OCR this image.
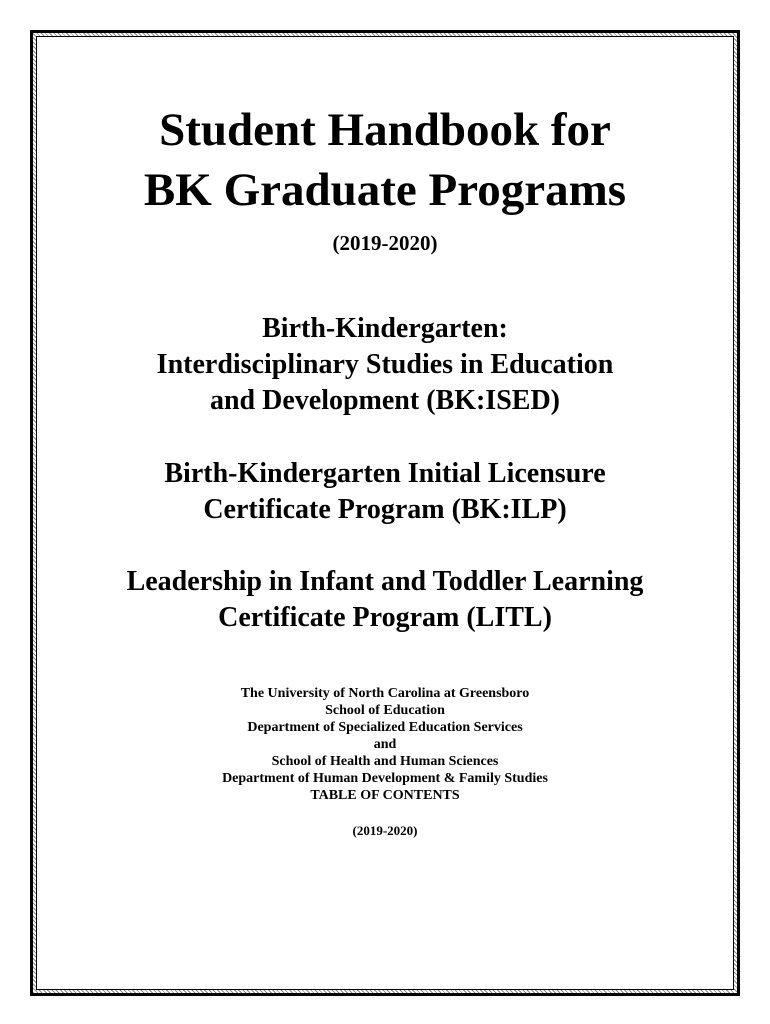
Student Handbook for
BK Graduate Programs
(2019-2020)
Birth-Kindergarten:
Interdisciplinary Studies in Education
and Development (BK:ISED)
Birth-Kindergarten Initial Licensure
Certificate Program (BK:ILP)
Leadership in Infant and Toddler Learning
Certificate Program (LITL)
The University of North Carolina at Greensboro
School of Education
Department of Specialized Education Services
and
School of Health and Human Sciences
Department of Human Development & Family Studies
TABLE OF CONTENTS
(2019-2020)
